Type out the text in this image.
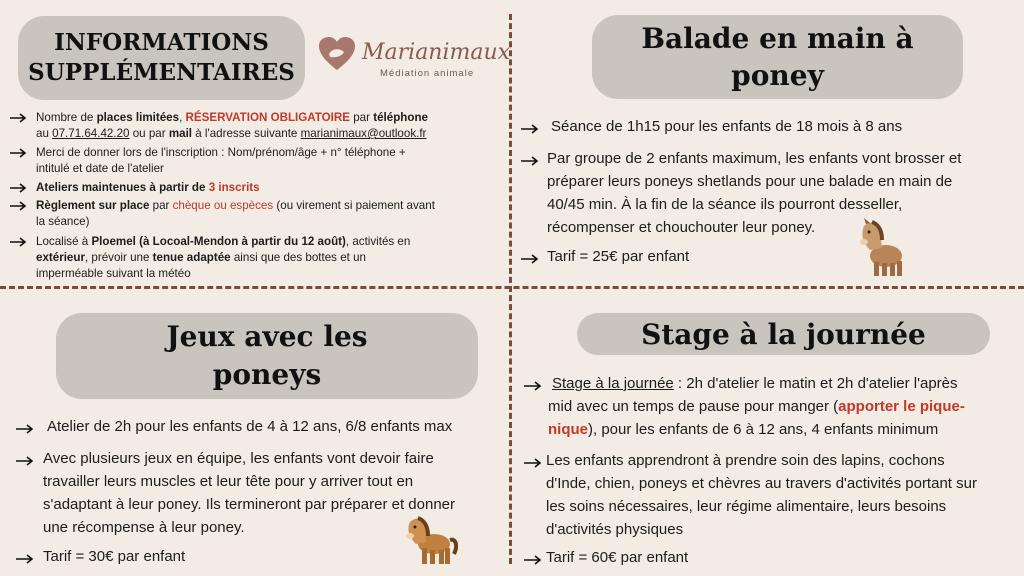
INFORMATIONS
SUPPLÉMENTAIRES
Marianimaux
Médiation animale
Nombre de places limitées, RÉSERVATION OBLIGATOIRE par téléphone
au 07.71.64.42.20 ou par mail à l'adresse suivante marianimaux@outlook.fr
Merci de donner lors de l'inscription : Nom/prénom/âge + n° téléphone +
intitulé et date de l'atelier
Ateliers maintenues à partir de 3 inscrits
Règlement sur place par chèque ou espèces (ou virement si paiement avant
la séance)
Localisé à Ploemel (à Locoal-Mendon à partir du 12 août), activités en
extérieur, prévoir une tenue adaptée ainsi que des bottes et un
imperméable suivant la météo
Balade en main à
poney
Séance de 1h15 pour les enfants de 18 mois à 8 ans
Par groupe de 2 enfants maximum, les enfants vont brosser et
préparer leurs poneys shetlands pour une balade en main de
40/45 min. À la fin de la séance ils pourront desseller,
récompenser et chouchouter leur poney.
Tarif = 25€ par enfant
Jeux avec les
poneys
Atelier de 2h pour les enfants de 4 à 12 ans, 6/8 enfants max
Avec plusieurs jeux en équipe, les enfants vont devoir faire
travailler leurs muscles et leur tête pour y arriver tout en
s'adaptant à leur poney. Ils termineront par préparer et donner
une récompense à leur poney.
Tarif = 30€ par enfant
Stage à la journée
Stage à la journée : 2h d'atelier le matin et 2h d'atelier l'après
mid avec un temps de pause pour manger (apporter le pique-
nique), pour les enfants de 6 à 12 ans, 4 enfants minimum
Les enfants apprendront à prendre soin des lapins, cochons
d'Inde, chien, poneys et chèvres au travers d'activités portant sur
les soins nécessaires, leur régime alimentaire, leurs besoins
d'activités physiques
Tarif = 60€ par enfant
